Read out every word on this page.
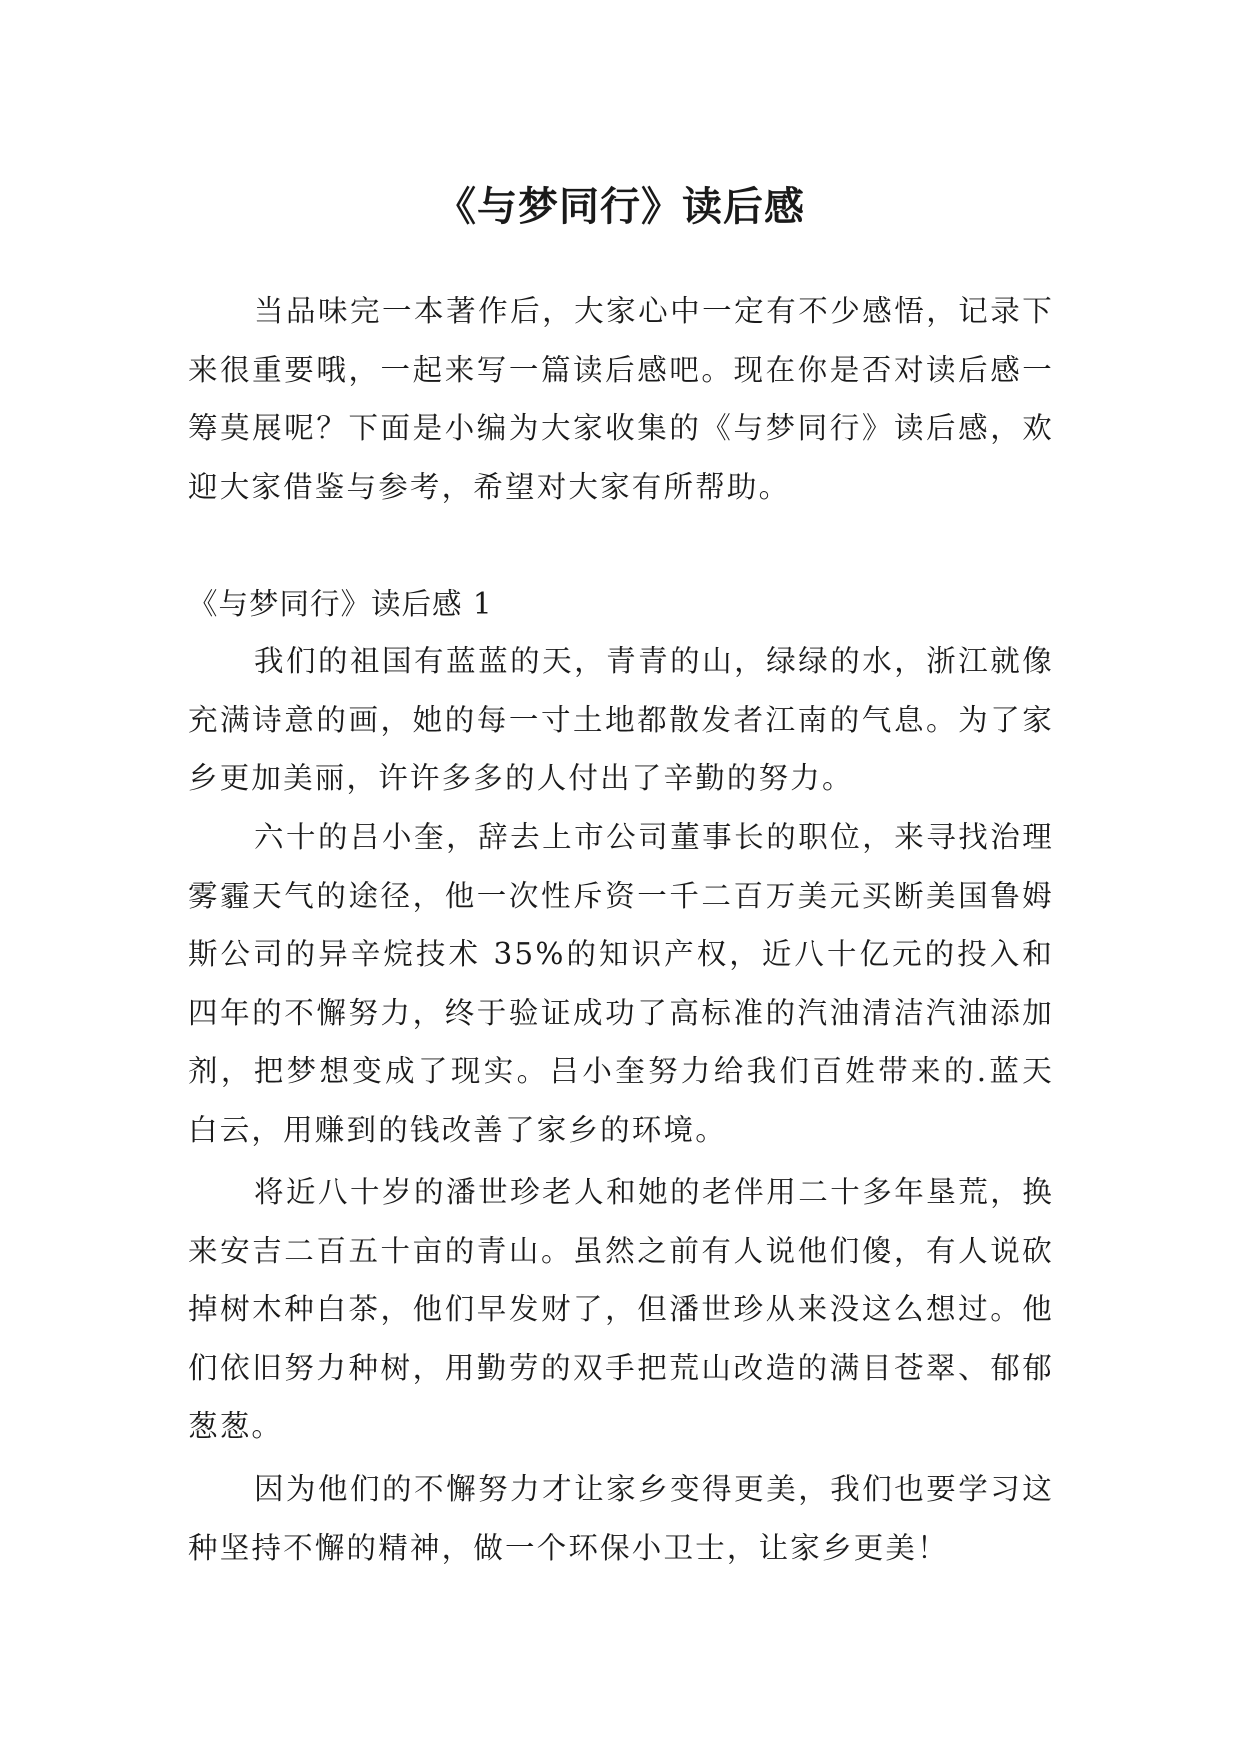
《与梦同行》读后感

当品味完一本著作后，大家心中一定有不少感悟，记录下来很重要哦，一起来写一篇读后感吧。现在你是否对读后感一筹莫展呢？下面是小编为大家收集的《与梦同行》读后感，欢迎大家借鉴与参考，希望对大家有所帮助。

《与梦同行》读后感 1

我们的祖国有蓝蓝的天，青青的山，绿绿的水，浙江就像充满诗意的画，她的每一寸土地都散发者江南的气息。为了家乡更加美丽，许许多多的人付出了辛勤的努力。

六十的吕小奎，辞去上市公司董事长的职位，来寻找治理雾霾天气的途径，他一次性斥资一千二百万美元买断美国鲁姆斯公司的异辛烷技术 35%的知识产权，近八十亿元的投入和四年的不懈努力，终于验证成功了高标准的汽油清洁汽油添加剂，把梦想变成了现实。吕小奎努力给我们百姓带来的.蓝天白云，用赚到的钱改善了家乡的环境。

将近八十岁的潘世珍老人和她的老伴用二十多年垦荒，换来安吉二百五十亩的青山。虽然之前有人说他们傻，有人说砍掉树木种白茶，他们早发财了，但潘世珍从来没这么想过。他们依旧努力种树，用勤劳的双手把荒山改造的满目苍翠、郁郁葱葱。

因为他们的不懈努力才让家乡变得更美，我们也要学习这种坚持不懈的精神，做一个环保小卫士，让家乡更美！
